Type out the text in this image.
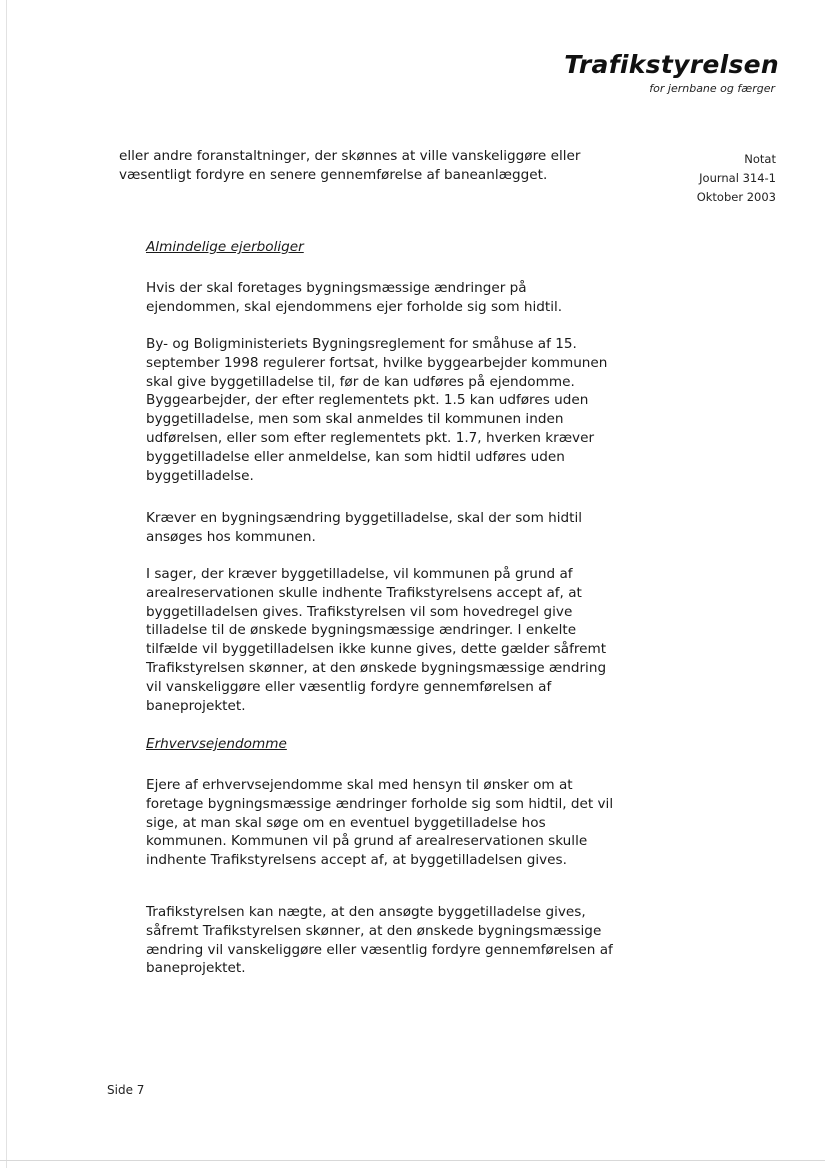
Trafikstyrelsen
for jernbane og færger
Notat
Journal 314-1
Oktober 2003
eller andre foranstaltninger, der skønnes at ville vanskeliggøre eller væsentligt fordyre en senere gennemførelse af baneanlægget.
Almindelige ejerboliger
Hvis der skal foretages bygningsmæssige ændringer på ejendommen, skal ejendommens ejer forholde sig som hidtil.
By- og Boligministeriets Bygningsreglement for småhuse af 15. september 1998 regulerer fortsat, hvilke byggearbejder kommunen skal give byggetilladelse til, før de kan udføres på ejendomme. Byggearbejder, der efter reglementets pkt. 1.5 kan udføres uden byggetilladelse, men som skal anmeldes til kommunen inden udførelsen, eller som efter reglementets pkt. 1.7, hverken kræver byggetilladelse eller anmeldelse, kan som hidtil udføres uden byggetilladelse.
Kræver en bygningsændring byggetilladelse, skal der som hidtil ansøges hos kommunen.
I sager, der kræver byggetilladelse, vil kommunen på grund af arealreservationen skulle indhente Trafikstyrelsens accept af, at byggetilladelsen gives. Trafikstyrelsen vil som hovedregel give tilladelse til de ønskede bygningsmæssige ændringer. I enkelte tilfælde vil byggetilladelsen ikke kunne gives, dette gælder såfremt Trafikstyrelsen skønner, at den ønskede bygningsmæssige ændring vil vanskeliggøre eller væsentlig fordyre gennemførelsen af baneprojektet.
Erhvervsejendomme
Ejere af erhvervsejendomme skal med hensyn til ønsker om at foretage bygningsmæssige ændringer forholde sig som hidtil, det vil sige, at man skal søge om en eventuel byggetilladelse hos kommunen. Kommunen vil på grund af arealreservationen skulle indhente Trafikstyrelsens accept af, at byggetilladelsen gives.
Trafikstyrelsen kan nægte, at den ansøgte byggetilladelse gives, såfremt Trafikstyrelsen skønner, at den ønskede bygningsmæssige ændring vil vanskeliggøre eller væsentlig fordyre gennemførelsen af baneprojektet.
Side 7
